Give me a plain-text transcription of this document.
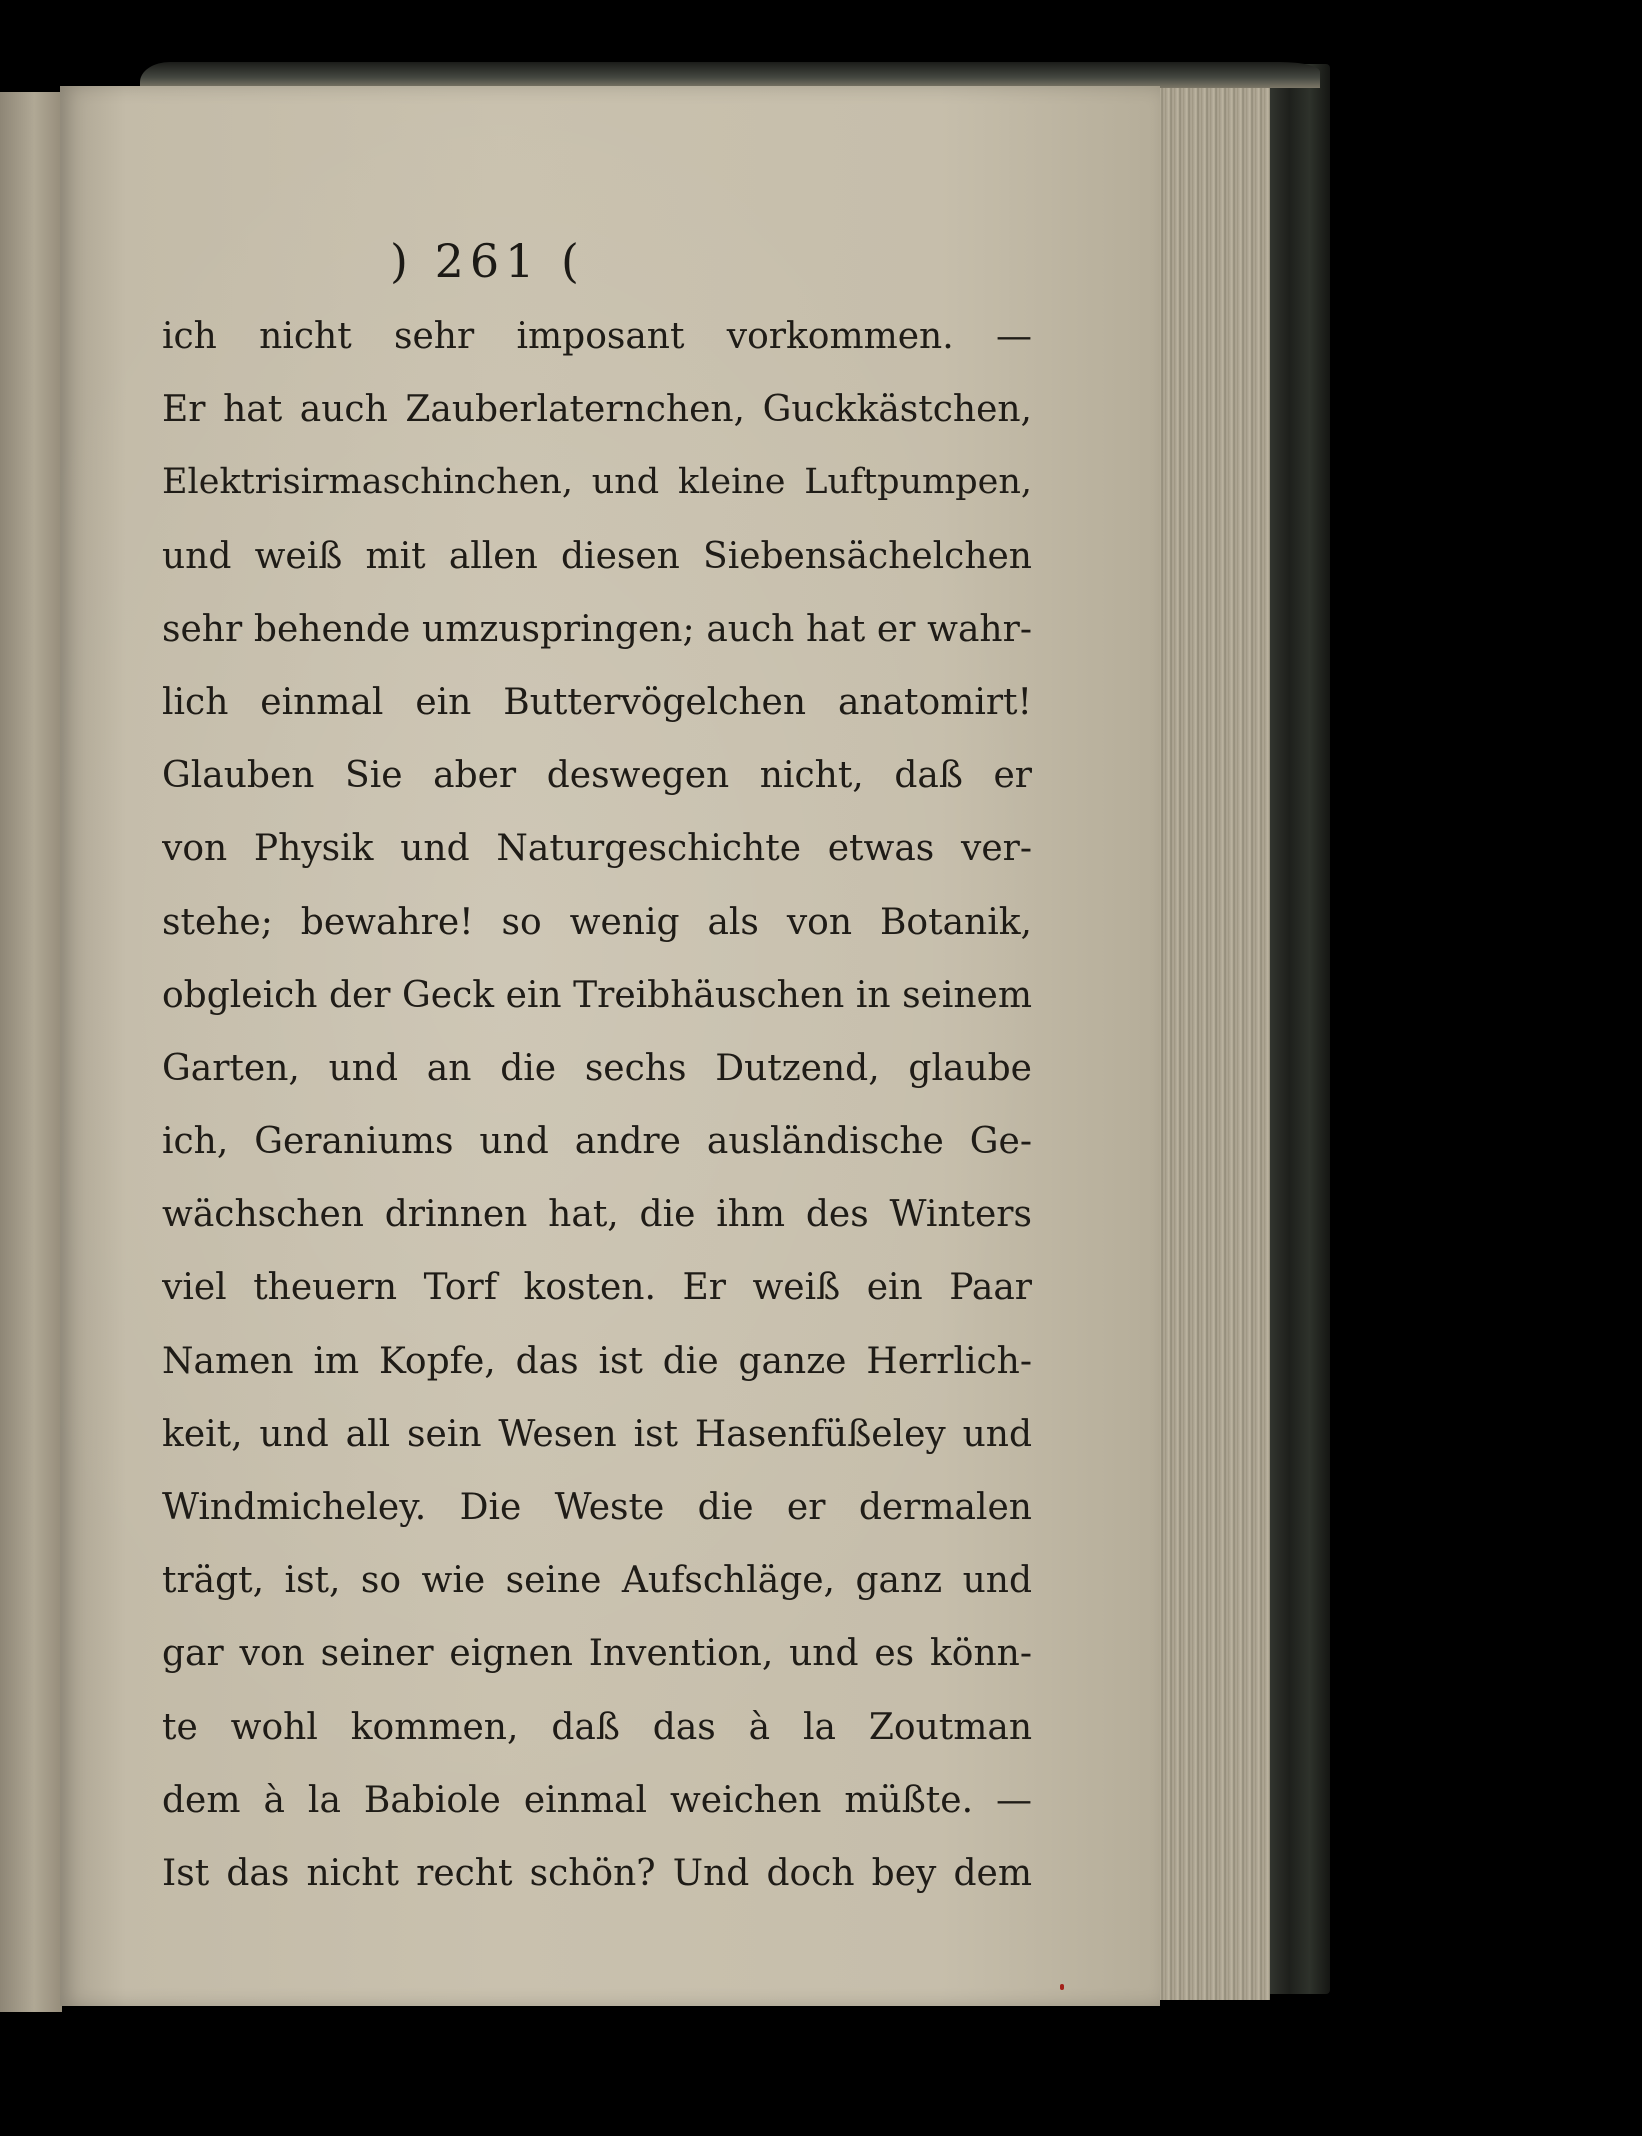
) 261 (
ich nicht sehr imposant vorkommen. —
Er hat auch Zauberlaternchen, Guckkästchen,
Elektrisirmaschinchen, und kleine Luftpumpen,
und weiß mit allen diesen Siebensächelchen
sehr behende umzuspringen; auch hat er wahr-
lich einmal ein Buttervögelchen anatomirt!
Glauben Sie aber deswegen nicht, daß er
von Physik und Naturgeschichte etwas ver-
stehe; bewahre! so wenig als von Botanik,
obgleich der Geck ein Treibhäuschen in seinem
Garten, und an die sechs Dutzend, glaube
ich, Geraniums und andre ausländische Ge-
wächschen drinnen hat, die ihm des Winters
viel theuern Torf kosten. Er weiß ein Paar
Namen im Kopfe, das ist die ganze Herrlich-
keit, und all sein Wesen ist Hasenfüßeley und
Windmicheley. Die Weste die er dermalen
trägt, ist, so wie seine Aufschläge, ganz und
gar von seiner eignen Invention, und es könn-
te wohl kommen, daß das à la Zoutman
dem à la Babiole einmal weichen müßte. —
Ist das nicht recht schön? Und doch bey dem
